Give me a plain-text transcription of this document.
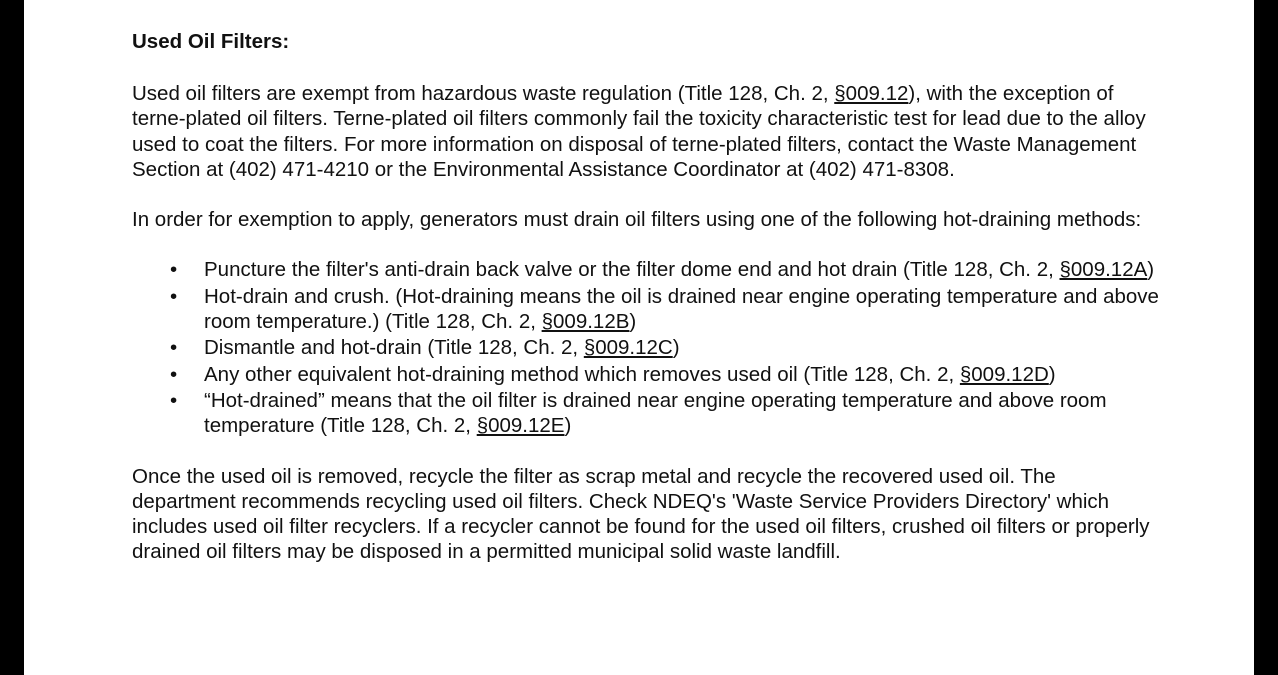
Used Oil Filters:

Used oil filters are exempt from hazardous waste regulation (Title 128, Ch. 2, §009.12), with the exception of terne-plated oil filters. Terne-plated oil filters commonly fail the toxicity characteristic test for lead due to the alloy used to coat the filters. For more information on disposal of terne-plated filters, contact the Waste Management Section at (402) 471-4210 or the Environmental Assistance Coordinator at (402) 471-8308.

In order for exemption to apply, generators must drain oil filters using one of the following hot-draining methods:

• Puncture the filter's anti-drain back valve or the filter dome end and hot drain (Title 128, Ch. 2, §009.12A)
• Hot-drain and crush. (Hot-draining means the oil is drained near engine operating temperature and above room temperature.) (Title 128, Ch. 2, §009.12B)
• Dismantle and hot-drain (Title 128, Ch. 2, §009.12C)
• Any other equivalent hot-draining method which removes used oil (Title 128, Ch. 2, §009.12D)
• “Hot-drained” means that the oil filter is drained near engine operating temperature and above room temperature (Title 128, Ch. 2, §009.12E)

Once the used oil is removed, recycle the filter as scrap metal and recycle the recovered used oil. The department recommends recycling used oil filters. Check NDEQ's 'Waste Service Providers Directory' which includes used oil filter recyclers. If a recycler cannot be found for the used oil filters, crushed oil filters or properly drained oil filters may be disposed in a permitted municipal solid waste landfill.
